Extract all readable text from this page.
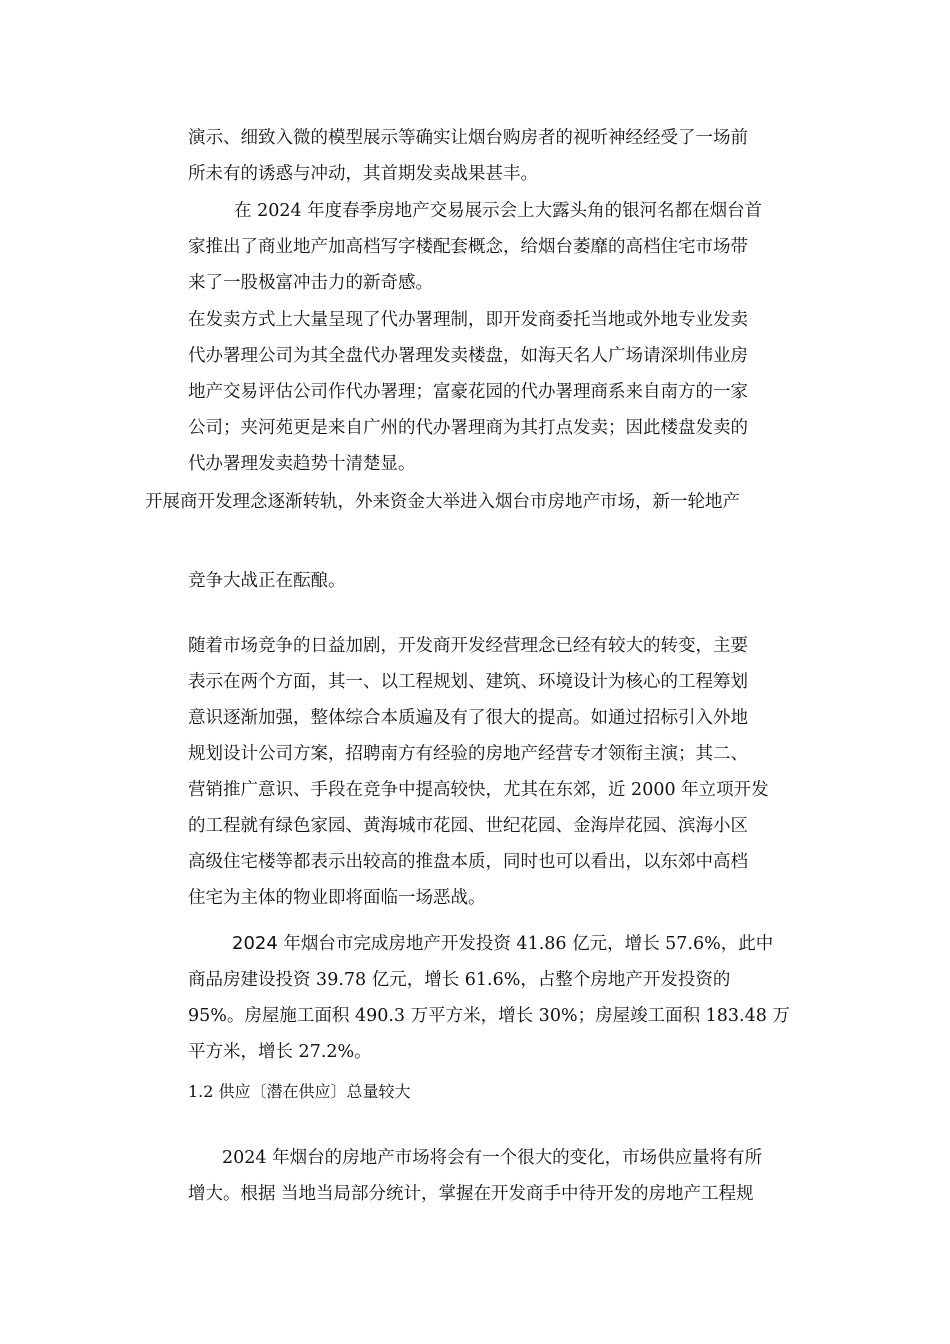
演示、细致入微的模型展示等确实让烟台购房者的视听神经经受了一场前
所未有的诱惑与冲动，其首期发卖战果甚丰。
在 2024 年度春季房地产交易展示会上大露头角的银河名都在烟台首
家推出了商业地产加高档写字楼配套概念，给烟台萎靡的高档住宅市场带
来了一股极富冲击力的新奇感。
在发卖方式上大量呈现了代办署理制，即开发商委托当地或外地专业发卖
代办署理公司为其全盘代办署理发卖楼盘，如海天名人广场请深圳伟业房
地产交易评估公司作代办署理；富豪花园的代办署理商系来自南方的一家
公司；夹河苑更是来自广州的代办署理商为其打点发卖；因此楼盘发卖的
代办署理发卖趋势十清楚显。
开展商开发理念逐渐转轨，外来资金大举进入烟台市房地产市场，新一轮地产
竞争大战正在酝酿。
随着市场竞争的日益加剧，开发商开发经营理念已经有较大的转变，主要
表示在两个方面，其一、以工程规划、建筑、环境设计为核心的工程筹划
意识逐渐加强，整体综合本质遍及有了很大的提高。如通过招标引入外地
规划设计公司方案，招聘南方有经验的房地产经营专才领衔主演；其二、
营销推广意识、手段在竞争中提高较快，尤其在东郊，近 2000 年立项开发
的工程就有绿色家园、黄海城市花园、世纪花园、金海岸花园、滨海小区
高级住宅楼等都表示出较高的推盘本质，同时也可以看出，以东郊中高档
住宅为主体的物业即将面临一场恶战。
2024 年烟台市完成房地产开发投资 41.86 亿元，增长 57.6%，此中
商品房建设投资 39.78 亿元，增长 61.6%，占整个房地产开发投资的
95%。房屋施工面积 490.3 万平方米，增长 30%；房屋竣工面积 183.48 万
平方米，增长 27.2%。
1.2 供应〔潜在供应〕总量较大
2024 年烟台的房地产市场将会有一个很大的变化，市场供应量将有所
增大。根据 当地当局部分统计，掌握在开发商手中待开发的房地产工程规
